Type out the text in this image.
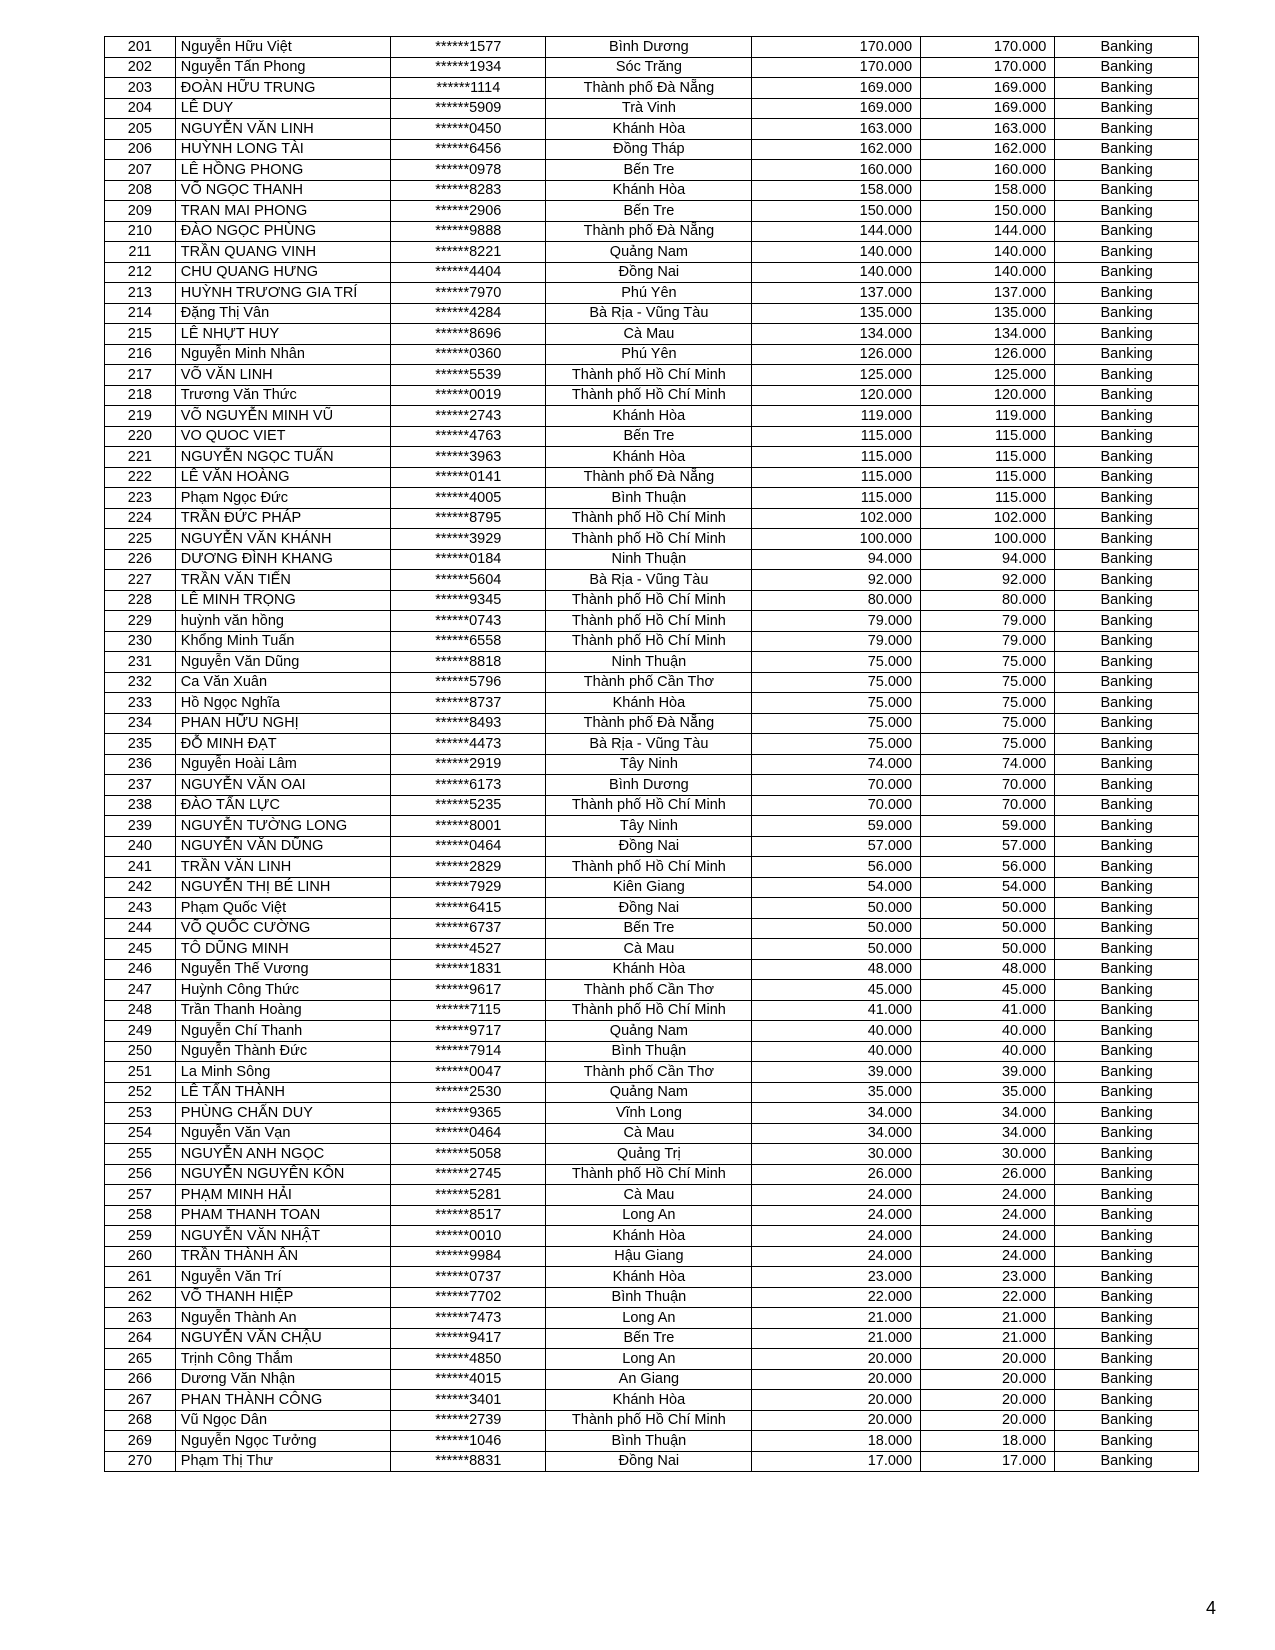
201	Nguyễn Hữu Việt	******1577	Bình Dương	170.000	170.000	Banking
202	Nguyễn Tấn Phong	******1934	Sóc Trăng	170.000	170.000	Banking
203	ĐOÀN HỮU TRUNG	******1114	Thành phố Đà Nẵng	169.000	169.000	Banking
204	LÊ DUY	******5909	Trà Vinh	169.000	169.000	Banking
205	NGUYỄN VĂN LINH	******0450	Khánh Hòa	163.000	163.000	Banking
206	HUỲNH LONG TÀI	******6456	Đồng Tháp	162.000	162.000	Banking
207	LÊ HỒNG PHONG	******0978	Bến Tre	160.000	160.000	Banking
208	VÕ NGỌC THANH	******8283	Khánh Hòa	158.000	158.000	Banking
209	TRAN MAI PHONG	******2906	Bến Tre	150.000	150.000	Banking
210	ĐÀO NGỌC PHÙNG	******9888	Thành phố Đà Nẵng	144.000	144.000	Banking
211	TRẦN QUANG VINH	******8221	Quảng Nam	140.000	140.000	Banking
212	CHU QUANG HƯNG	******4404	Đồng Nai	140.000	140.000	Banking
213	HUỲNH TRƯƠNG GIA TRÍ	******7970	Phú Yên	137.000	137.000	Banking
214	Đặng Thị Vân	******4284	Bà Rịa - Vũng Tàu	135.000	135.000	Banking
215	LÊ NHỰT HUY	******8696	Cà Mau	134.000	134.000	Banking
216	Nguyễn Minh Nhân	******0360	Phú Yên	126.000	126.000	Banking
217	VÕ VĂN LINH	******5539	Thành phố Hồ Chí Minh	125.000	125.000	Banking
218	Trương Văn Thức	******0019	Thành phố Hồ Chí Minh	120.000	120.000	Banking
219	VÕ NGUYỄN MINH VŨ	******2743	Khánh Hòa	119.000	119.000	Banking
220	VO QUOC VIET	******4763	Bến Tre	115.000	115.000	Banking
221	NGUYỄN NGỌC TUẤN	******3963	Khánh Hòa	115.000	115.000	Banking
222	LÊ VĂN HOÀNG	******0141	Thành phố Đà Nẵng	115.000	115.000	Banking
223	Phạm Ngọc Đức	******4005	Bình Thuận	115.000	115.000	Banking
224	TRẦN ĐỨC PHÁP	******8795	Thành phố Hồ Chí Minh	102.000	102.000	Banking
225	NGUYỄN VĂN KHÁNH	******3929	Thành phố Hồ Chí Minh	100.000	100.000	Banking
226	DƯƠNG ĐÌNH KHANG	******0184	Ninh Thuận	94.000	94.000	Banking
227	TRẦN VĂN TIẾN	******5604	Bà Rịa - Vũng Tàu	92.000	92.000	Banking
228	LÊ MINH TRỌNG	******9345	Thành phố Hồ Chí Minh	80.000	80.000	Banking
229	huỳnh văn hồng	******0743	Thành phố Hồ Chí Minh	79.000	79.000	Banking
230	Khổng Minh Tuấn	******6558	Thành phố Hồ Chí Minh	79.000	79.000	Banking
231	Nguyễn Văn Dũng	******8818	Ninh Thuận	75.000	75.000	Banking
232	Ca Văn Xuân	******5796	Thành phố Cần Thơ	75.000	75.000	Banking
233	Hồ Ngọc Nghĩa	******8737	Khánh Hòa	75.000	75.000	Banking
234	PHAN HỮU NGHỊ	******8493	Thành phố Đà Nẵng	75.000	75.000	Banking
235	ĐỖ MINH ĐẠT	******4473	Bà Rịa - Vũng Tàu	75.000	75.000	Banking
236	Nguyễn Hoài Lâm	******2919	Tây Ninh	74.000	74.000	Banking
237	NGUYỄN VĂN OAI	******6173	Bình Dương	70.000	70.000	Banking
238	ĐÀO TẤN LỰC	******5235	Thành phố Hồ Chí Minh	70.000	70.000	Banking
239	NGUYỄN TƯỜNG LONG	******8001	Tây Ninh	59.000	59.000	Banking
240	NGUYỄN VĂN DŨNG	******0464	Đồng Nai	57.000	57.000	Banking
241	TRẦN VĂN LINH	******2829	Thành phố Hồ Chí Minh	56.000	56.000	Banking
242	NGUYỄN THỊ BÉ LINH	******7929	Kiên Giang	54.000	54.000	Banking
243	Phạm Quốc Việt	******6415	Đồng Nai	50.000	50.000	Banking
244	VÕ QUỐC CƯỜNG	******6737	Bến Tre	50.000	50.000	Banking
245	TÔ DŨNG MINH	******4527	Cà Mau	50.000	50.000	Banking
246	Nguyễn Thế Vương	******1831	Khánh Hòa	48.000	48.000	Banking
247	Huỳnh Công Thức	******9617	Thành phố Cần Thơ	45.000	45.000	Banking
248	Trần Thanh Hoàng	******7115	Thành phố Hồ Chí Minh	41.000	41.000	Banking
249	Nguyễn Chí Thanh	******9717	Quảng Nam	40.000	40.000	Banking
250	Nguyễn Thành Đức	******7914	Bình Thuận	40.000	40.000	Banking
251	La Minh Sông	******0047	Thành phố Cần Thơ	39.000	39.000	Banking
252	LÊ TẤN THÀNH	******2530	Quảng Nam	35.000	35.000	Banking
253	PHÙNG CHẤN DUY	******9365	Vĩnh Long	34.000	34.000	Banking
254	Nguyễn Văn Vạn	******0464	Cà Mau	34.000	34.000	Banking
255	NGUYỄN ANH NGỌC	******5058	Quảng Trị	30.000	30.000	Banking
256	NGUYỄN NGUYÊN KÔN	******2745	Thành phố Hồ Chí Minh	26.000	26.000	Banking
257	PHẠM MINH HẢI	******5281	Cà Mau	24.000	24.000	Banking
258	PHAM THANH TOAN	******8517	Long An	24.000	24.000	Banking
259	NGUYỄN VĂN NHẬT	******0010	Khánh Hòa	24.000	24.000	Banking
260	TRẦN THÀNH ÂN	******9984	Hậu Giang	24.000	24.000	Banking
261	Nguyễn Văn Trí	******0737	Khánh Hòa	23.000	23.000	Banking
262	VÕ THANH HIỆP	******7702	Bình Thuận	22.000	22.000	Banking
263	Nguyễn Thành An	******7473	Long An	21.000	21.000	Banking
264	NGUYỄN VĂN CHẬU	******9417	Bến Tre	21.000	21.000	Banking
265	Trịnh Công Thắm	******4850	Long An	20.000	20.000	Banking
266	Dương Văn Nhận	******4015	An Giang	20.000	20.000	Banking
267	PHAN THÀNH CÔNG	******3401	Khánh Hòa	20.000	20.000	Banking
268	Vũ Ngọc Dân	******2739	Thành phố Hồ Chí Minh	20.000	20.000	Banking
269	Nguyễn Ngọc Tưởng	******1046	Bình Thuận	18.000	18.000	Banking
270	Phạm Thị Thư	******8831	Đồng Nai	17.000	17.000	Banking
4
